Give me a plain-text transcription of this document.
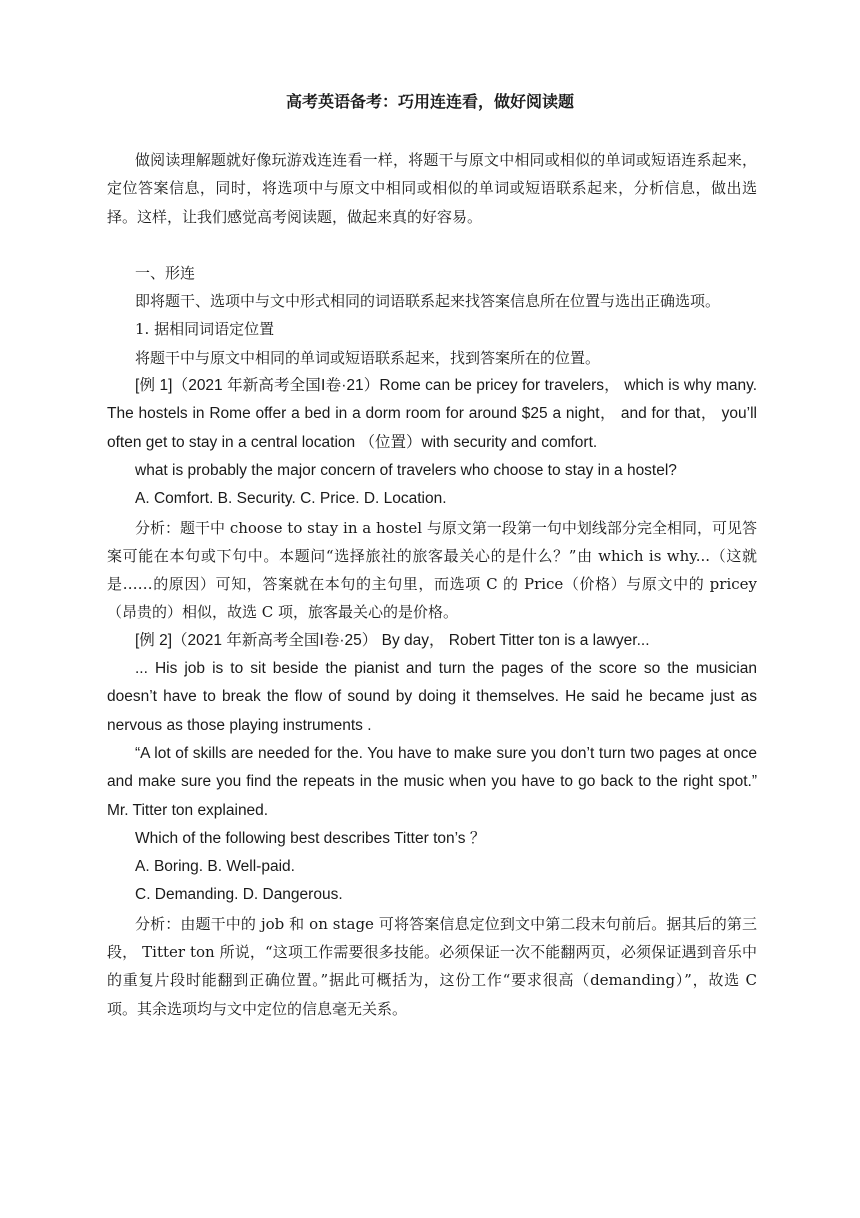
高考英语备考：巧用连连看，做好阅读题

做阅读理解题就好像玩游戏连连看一样，将题干与原文中相同或相似的单词或短语连系起来，定位答案信息，同时，将选项中与原文中相同或相似的单词或短语联系起来，分析信息，做出选择。这样，让我们感觉高考阅读题，做起来真的好容易。

一、形连

即将题干、选项中与文中形式相同的词语联系起来找答案信息所在位置与选出正确选项。

1. 据相同词语定位置

将题干中与原文中相同的单词或短语联系起来，找到答案所在的位置。

[例 1]（2021 年新高考全国Ⅰ卷·21）Rome can be pricey for travelers， which is why many. The hostels in Rome offer a bed in a dorm room for around $25 a night， and for that， you’ll often get to stay in a central location （位置）with security and comfort.

what is probably the major concern of travelers who choose to stay in a hostel?

A. Comfort. B. Security. C. Price. D. Location.

分析：题干中 choose to stay in a hostel 与原文第一段第一句中划线部分完全相同，可见答案可能在本句或下句中。本题问“选择旅社的旅客最关心的是什么？”由 which is why...（这就是……的原因）可知，答案就在本句的主句里，而选项 C 的 Price（价格）与原文中的 pricey（昂贵的）相似，故选 C 项，旅客最关心的是价格。

[例 2]（2021 年新高考全国Ⅰ卷·25） By day， Robert Titter ton is a lawyer...

... His job is to sit beside the pianist and turn the pages of the score so the musician doesn’t have to break the flow of sound by doing it themselves. He said he became just as nervous as those playing instruments .

“A lot of skills are needed for the. You have to make sure you don’t turn two pages at once and make sure you find the repeats in the music when you have to go back to the right spot.” Mr. Titter ton explained.

Which of the following best describes Titter ton’s ？

A. Boring. B. Well-paid.

C. Demanding. D. Dangerous.

分析：由题干中的 job 和 on stage 可将答案信息定位到文中第二段末句前后。据其后的第三段， Titter ton 所说，“这项工作需要很多技能。必须保证一次不能翻两页，必须保证遇到音乐中的重复片段时能翻到正确位置。”据此可概括为，这份工作“要求很高（demanding）”，故选 C 项。其余选项均与文中定位的信息毫无关系。
